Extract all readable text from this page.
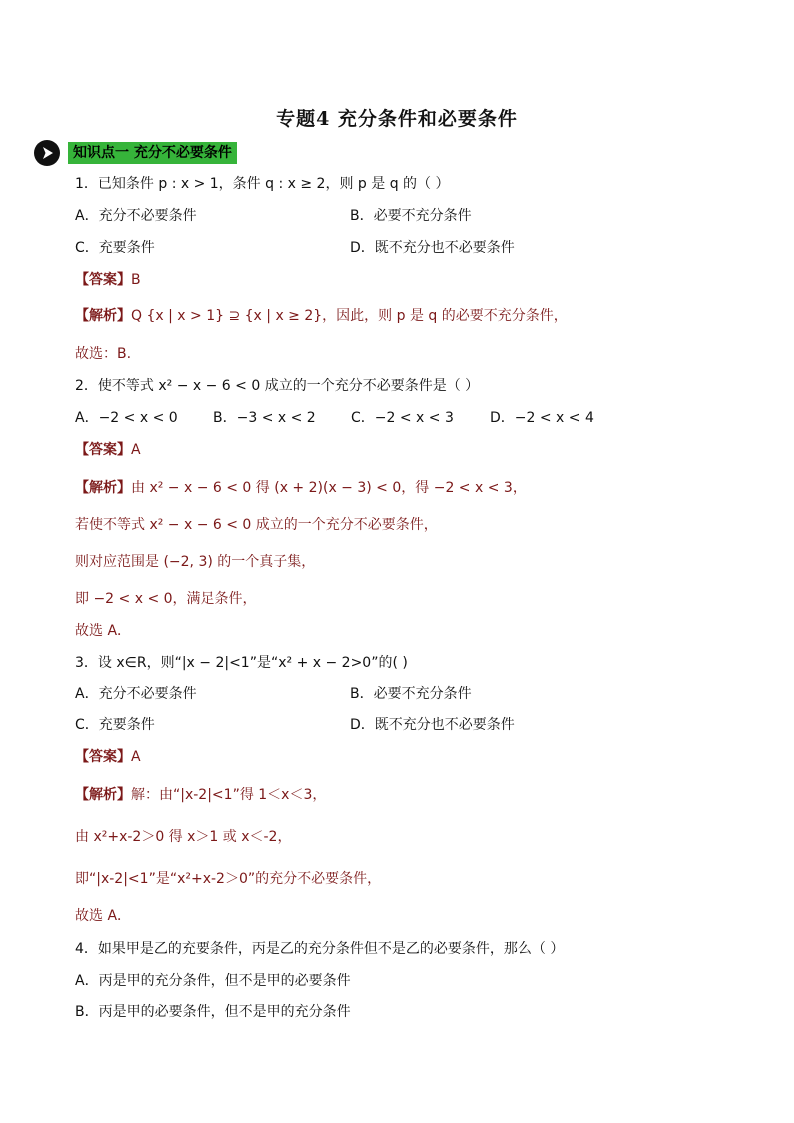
专题4 充分条件和必要条件
知识点一 充分不必要条件
1．已知条件 p : x > 1，条件 q : x ≥ 2，则 p 是 q 的（ ）
A．充分不必要条件	B．必要不充分条件
C．充要条件	D．既不充分也不必要条件
【答案】B
【解析】Q {x | x > 1} ⊇ {x | x ≥ 2}，因此，则 p 是 q 的必要不充分条件，
故选：B.
2．使不等式 x² − x − 6 < 0 成立的一个充分不必要条件是（ ）
A．−2 < x < 0	B．−3 < x < 2	C．−2 < x < 3	D．−2 < x < 4
【答案】A
【解析】由 x² − x − 6 < 0 得 (x + 2)(x − 3) < 0，得 −2 < x < 3，
若使不等式 x² − x − 6 < 0 成立的一个充分不必要条件，
则对应范围是 (−2, 3) 的一个真子集，
即 −2 < x < 0，满足条件，
故选 A．
3．设 x∈R，则“|x − 2|<1”是“x² + x − 2>0”的( )
A．充分不必要条件	B．必要不充分条件
C．充要条件	D．既不充分也不必要条件
【答案】A
【解析】解：由“|x-2|<1”得 1＜x＜3，
由 x²+x-2＞0 得 x＞1 或 x＜-2，
即“|x-2|<1”是“x²+x-2＞0”的充分不必要条件，
故选 A．
4．如果甲是乙的充要条件，丙是乙的充分条件但不是乙的必要条件，那么（ ）
A．丙是甲的充分条件，但不是甲的必要条件
B．丙是甲的必要条件，但不是甲的充分条件
